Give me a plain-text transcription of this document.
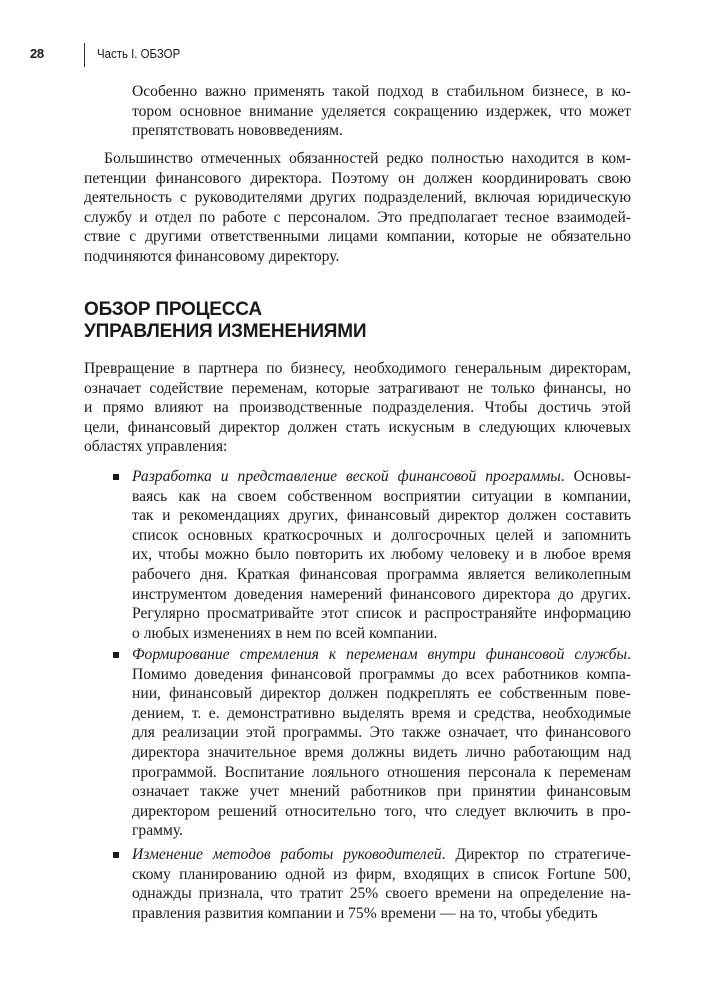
28	Часть I. ОБЗОР
Особенно важно применять такой подход в стабильном бизнесе, в ко-
тором основное внимание уделяется сокращению издержек, что может
препятствовать нововведениям.
Большинство отмеченных обязанностей редко полностью находится в ком-
петенции финансового директора. Поэтому он должен координировать свою
деятельность с руководителями других подразделений, включая юридическую
службу и отдел по работе с персоналом. Это предполагает тесное взаимодей-
ствие с другими ответственными лицами компании, которые не обязательно
подчиняются финансовому директору.
ОБЗОР ПРОЦЕССА
УПРАВЛЕНИЯ ИЗМЕНЕНИЯМИ
Превращение в партнера по бизнесу, необходимого генеральным директорам,
означает содействие переменам, которые затрагивают не только финансы, но
и прямо влияют на производственные подразделения. Чтобы достичь этой
цели, финансовый директор должен стать искусным в следующих ключевых
областях управления:
Разработка и представление веской финансовой программы. Основы-
ваясь как на своем собственном восприятии ситуации в компании,
так и рекомендациях других, финансовый директор должен составить
список основных краткосрочных и долгосрочных целей и запомнить
их, чтобы можно было повторить их любому человеку и в любое время
рабочего дня. Краткая финансовая программа является великолепным
инструментом доведения намерений финансового директора до других.
Регулярно просматривайте этот список и распространяйте информацию
о любых изменениях в нем по всей компании.
Формирование стремления к переменам внутри финансовой службы.
Помимо доведения финансовой программы до всех работников компа-
нии, финансовый директор должен подкреплять ее собственным пове-
дением, т. е. демонстративно выделять время и средства, необходимые
для реализации этой программы. Это также означает, что финансового
директора значительное время должны видеть лично работающим над
программой. Воспитание лояльного отношения персонала к переменам
означает также учет мнений работников при принятии финансовым
директором решений относительно того, что следует включить в про-
грамму.
Изменение методов работы руководителей. Директор по стратегиче-
скому планированию одной из фирм, входящих в список Fortune 500,
однажды признала, что тратит 25% своего времени на определение на-
правления развития компании и 75% времени — на то, чтобы убедить
